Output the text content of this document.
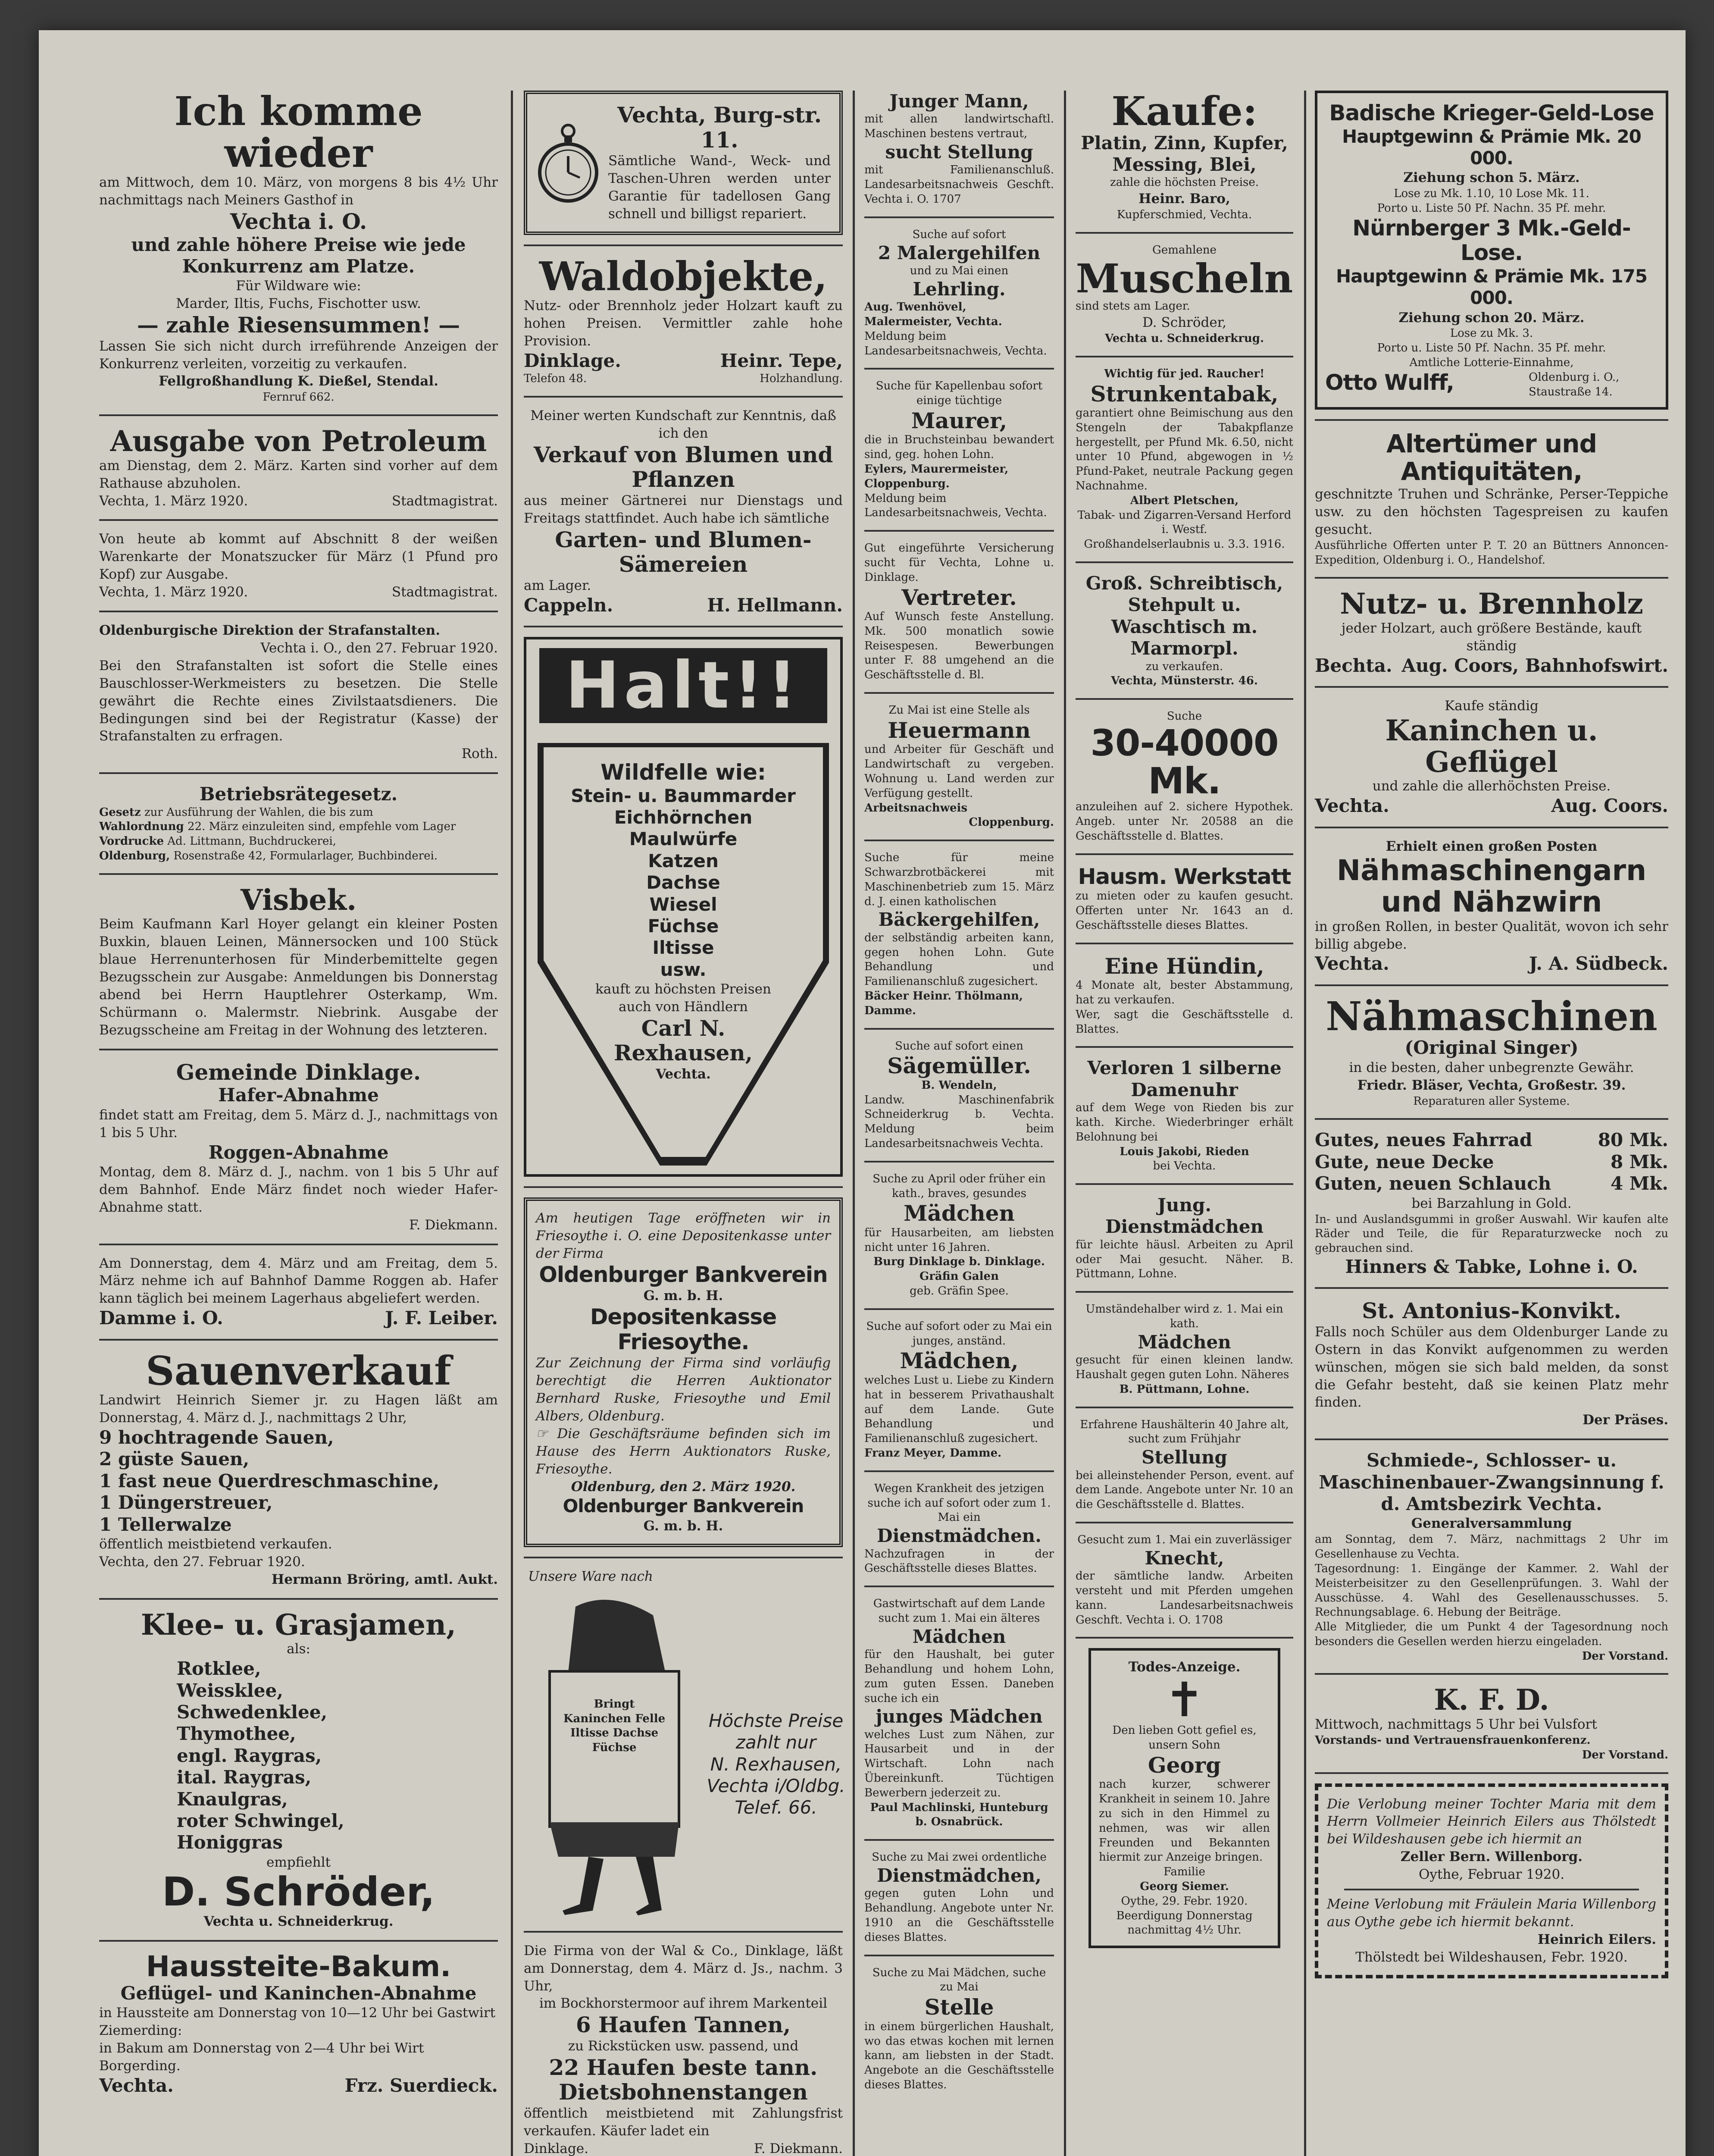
Ich komme wieder
am Mittwoch, dem 10. März, von morgens 8 bis 4½ Uhr nachmittags nach Meiners Gasthof in
Vechta i. O.
und zahle höhere Preise wie jede Konkurrenz am Platze.
Für Wildware wie:
Marder, Iltis, Fuchs, Fischotter usw.
— zahle Riesensummen! —
Lassen Sie sich nicht durch irreführende Anzeigen der Konkurrenz verleiten, vorzeitig zu verkaufen.
Fellgroßhandlung K. Dießel, Stendal.
Fernruf 662.
Ausgabe von Petroleum
am Dienstag, dem 2. März. Karten sind vorher auf dem Rathause abzuholen.
Vechta, 1. März 1920.	Stadtmagistrat.
Von heute ab kommt auf Abschnitt 8 der weißen Warenkarte der Monatszucker für März (1 Pfund pro Kopf) zur Ausgabe.
Vechta, 1. März 1920.	Stadtmagistrat.
Oldenburgische Direktion der Strafanstalten.
Vechta i. O., den 27. Februar 1920.
Bei den Strafanstalten ist sofort die Stelle eines Bauschlosser-Werkmeisters zu besetzen. Die Stelle gewährt die Rechte eines Zivilstaatsdieners. Die Bedingungen sind bei der Registratur (Kasse) der Strafanstalten zu erfragen.
Roth.
Betriebsrätegesetz.
Gesetz zur Ausführung der Wahlen, die bis zum
Wahlordnung 22. März einzuleiten sind, empfehle vom Lager
Vordrucke Ad. Littmann, Buchdruckerei,
Oldenburg, Rosenstraße 42, Formularlager, Buchbinderei.
Visbek.
Beim Kaufmann Karl Hoyer gelangt ein kleiner Posten Buxkin, blauen Leinen, Männersocken und 100 Stück blaue Herrenunterhosen für Minderbemittelte gegen Bezugsschein zur Ausgabe: Anmeldungen bis Donnerstag abend bei Herrn Hauptlehrer Osterkamp, Wm. Schürmann o. Malermstr. Niebrink. Ausgabe der Bezugsscheine am Freitag in der Wohnung des letzteren.
Gemeinde Dinklage.
Hafer-Abnahme
findet statt am Freitag, dem 5. März d. J., nachmittags von 1 bis 5 Uhr.
Roggen-Abnahme
Montag, dem 8. März d. J., nachm. von 1 bis 5 Uhr auf dem Bahnhof. Ende März findet noch wieder Hafer-Abnahme statt.
F. Diekmann.
Am Donnerstag, dem 4. März und am Freitag, dem 5. März nehme ich auf Bahnhof Damme Roggen ab. Hafer kann täglich bei meinem Lagerhaus abgeliefert werden.
Damme i. O.	J. F. Leiber.
Sauenverkauf
Landwirt Heinrich Siemer jr. zu Hagen läßt am Donnerstag, 4. März d. J., nachmittags 2 Uhr,
9 hochtragende Sauen,
2 güste Sauen,
1 fast neue Querdreschmaschine,
1 Düngerstreuer,
1 Tellerwalze
öffentlich meistbietend verkaufen.
Vechta, den 27. Februar 1920.
Hermann Bröring, amtl. Aukt.
Klee- u. Grasjamen,
als:
Rotklee,
Weissklee,
Schwedenklee,
Thymothee,
engl. Raygras,
ital. Raygras,
Knaulgras,
roter Schwingel,
Honiggras
empfiehlt
D. Schröder,
Vechta u. Schneiderkrug.
Haussteite-Bakum.
Geflügel- und Kaninchen-Abnahme
in Haussteite am Donnerstag von 10—12 Uhr bei Gastwirt Ziemerding:
in Bakum am Donnerstag von 2—4 Uhr bei Wirt Borgerding.
Vechta.	Frz. Suerdieck.
Vechta, Burg-str. 11.
Sämtliche Wand-, Weck- und Taschen-Uhren werden unter Garantie für tadellosen Gang schnell und billigst repariert.
Waldobjekte,
Nutz- oder Brennholz jeder Holzart kauft zu hohen Preisen. Vermittler zahle hohe Provision.
Dinklage.	Heinr. Tepe,
Telefon 48.	Holzhandlung.
Meiner werten Kundschaft zur Kenntnis, daß ich den
Verkauf von Blumen und Pflanzen
aus meiner Gärtnerei nur Dienstags und Freitags stattfindet. Auch habe ich sämtliche
Garten- und Blumen-Sämereien
am Lager.
Cappeln.	H. Hellmann.
Halt!!
Wildfelle wie:
Stein- u. Baummarder
Eichhörnchen
Maulwürfe
Katzen
Dachse
Wiesel
Füchse
Iltisse
usw.
kauft zu höchsten Preisen auch von Händlern
Carl N.
Rexhausen,
Vechta.
Am heutigen Tage eröffneten wir in Friesoythe i. O. eine Depositenkasse unter der Firma
Oldenburger Bankverein
G. m. b. H.
Depositenkasse Friesoythe.
Zur Zeichnung der Firma sind vorläufig berechtigt die Herren Auktionator Bernhard Ruske, Friesoythe und Emil Albers, Oldenburg.
☞ Die Geschäftsräume befinden sich im Hause des Herrn Auktionators Ruske, Friesoythe.
Oldenburg, den 2. März 1920.
Oldenburger Bankverein
G. m. b. H.
Unsere Ware nach
Bringt Kaninchen Felle Iltisse Dachse Füchse
Höchste Preise
zahlt nur
N. Rexhausen,
Vechta i/Oldbg.
Telef. 66.
Die Firma von der Wal & Co., Dinklage, läßt am Donnerstag, dem 4. März d. Js., nachm. 3 Uhr,
im Bockhorstermoor auf ihrem Markenteil
6 Haufen Tannen,
zu Rickstücken usw. passend, und
22 Haufen beste tann. Dietsbohnenstangen
öffentlich meistbietend mit Zahlungsfrist verkaufen. Käufer ladet ein
Dinklage.	F. Diekmann.
Junger Mann,
mit allen landwirtschaftl. Maschinen bestens vertraut,
sucht Stellung
mit Familienanschluß. Landesarbeitsnachweis Geschft. Vechta i. O. 1707
Suche auf sofort
2 Malergehilfen
und zu Mai einen
Lehrling.
Aug. Twenhövel, Malermeister, Vechta.
Meldung beim Landesarbeitsnachweis, Vechta.
Suche für Kapellenbau sofort einige tüchtige
Maurer,
die in Bruchsteinbau bewandert sind, geg. hohen Lohn.
Eylers, Maurermeister, Cloppenburg.
Meldung beim Landesarbeitsnachweis, Vechta.
Gut eingeführte Versicherung sucht für Vechta, Lohne u. Dinklage.
Vertreter.
Auf Wunsch feste Anstellung. Mk. 500 monatlich sowie Reisespesen. Bewerbungen unter F. 88 umgehend an die Geschäftsstelle d. Bl.
Zu Mai ist eine Stelle als
Heuermann
und Arbeiter für Geschäft und Landwirtschaft zu vergeben. Wohnung u. Land werden zur Verfügung gestellt.
Arbeitsnachweis
Cloppenburg.
Suche für meine Schwarzbrotbäckerei mit Maschinenbetrieb zum 15. März d. J. einen katholischen
Bäckergehilfen,
der selbständig arbeiten kann, gegen hohen Lohn. Gute Behandlung und Familienanschluß zugesichert.
Bäcker Heinr. Thölmann, Damme.
Suche auf sofort einen
Sägemüller.
B. Wendeln,
Landw. Maschinenfabrik Schneiderkrug b. Vechta. Meldung beim Landesarbeitsnachweis Vechta.
Suche zu April oder früher ein kath., braves, gesundes
Mädchen
für Hausarbeiten, am liebsten nicht unter 16 Jahren.
Burg Dinklage b. Dinklage. Gräfin Galen
geb. Gräfin Spee.
Suche auf sofort oder zu Mai ein junges, anständ.
Mädchen,
welches Lust u. Liebe zu Kindern hat in besserem Privathaushalt auf dem Lande. Gute Behandlung und Familienanschluß zugesichert.
Franz Meyer, Damme.
Wegen Krankheit des jetzigen suche ich auf sofort oder zum 1. Mai ein
Dienstmädchen.
Nachzufragen in der Geschäftsstelle dieses Blattes.
Gastwirtschaft auf dem Lande sucht zum 1. Mai ein älteres
Mädchen
für den Haushalt, bei guter Behandlung und hohem Lohn, zum guten Essen. Daneben suche ich ein
junges Mädchen
welches Lust zum Nähen, zur Hausarbeit und in der Wirtschaft. Lohn nach Übereinkunft. Tüchtigen Bewerbern jederzeit zu.
Paul Machlinski, Hunteburg b. Osnabrück.
Suche zu Mai zwei ordentliche
Dienstmädchen,
gegen guten Lohn und Behandlung. Angebote unter Nr. 1910 an die Geschäftsstelle dieses Blattes.
Suche zu Mai Mädchen, suche zu Mai
Stelle
in einem bürgerlichen Haushalt, wo das etwas kochen mit lernen kann, am liebsten in der Stadt. Angebote an die Geschäftsstelle dieses Blattes.
Kaufe:
Platin, Zinn, Kupfer, Messing, Blei,
zahle die höchsten Preise.
Heinr. Baro,
Kupferschmied, Vechta.
Gemahlene
Muscheln
sind stets am Lager.
D. Schröder,
Vechta u. Schneiderkrug.
Wichtig für jed. Raucher!
Strunkentabak,
garantiert ohne Beimischung aus den Stengeln der Tabakpflanze hergestellt, per Pfund Mk. 6.50, nicht unter 10 Pfund, abgewogen in ½ Pfund-Paket, neutrale Packung gegen Nachnahme.
Albert Pletschen,
Tabak- und Zigarren-Versand Herford i. Westf.
Großhandelserlaubnis u. 3.3. 1916.
Groß. Schreibtisch, Stehpult u. Waschtisch m. Marmorpl.
zu verkaufen.
Vechta, Münsterstr. 46.
Suche
30-40000 Mk.
anzuleihen auf 2. sichere Hypothek. Angeb. unter Nr. 20588 an die Geschäftsstelle d. Blattes.
Hausm. Werkstatt
zu mieten oder zu kaufen gesucht. Offerten unter Nr. 1643 an d. Geschäftsstelle dieses Blattes.
Eine Hündin,
4 Monate alt, bester Abstammung, hat zu verkaufen.
Wer, sagt die Geschäftsstelle d. Blattes.
Verloren 1 silberne Damenuhr
auf dem Wege von Rieden bis zur kath. Kirche. Wiederbringer erhält Belohnung bei
Louis Jakobi, Rieden
bei Vechta.
Jung. Dienstmädchen
für leichte häusl. Arbeiten zu April oder Mai gesucht. Näher. B. Püttmann, Lohne.
Umständehalber wird z. 1. Mai ein kath.
Mädchen
gesucht für einen kleinen landw. Haushalt gegen guten Lohn. Näheres
B. Püttmann, Lohne.
Erfahrene Haushälterin 40 Jahre alt, sucht zum Frühjahr
Stellung
bei alleinstehender Person, event. auf dem Lande. Angebote unter Nr. 10 an die Geschäftsstelle d. Blattes.
Gesucht zum 1. Mai ein zuverlässiger
Knecht,
der sämtliche landw. Arbeiten versteht und mit Pferden umgehen kann. Landesarbeitsnachweis Geschft. Vechta i. O. 1708
Todes-Anzeige.
✝
Den lieben Gott gefiel es, unsern Sohn
Georg
nach kurzer, schwerer Krankheit in seinem 10. Jahre zu sich in den Himmel zu nehmen, was wir allen Freunden und Bekannten hiermit zur Anzeige bringen.
Familie
Georg Siemer.
Oythe, 29. Febr. 1920.
Beerdigung Donnerstag nachmittag 4½ Uhr.
Badische Krieger-Geld-Lose
Hauptgewinn & Prämie Mk. 20 000.
Ziehung schon 5. März.
Lose zu Mk. 1.10, 10 Lose Mk. 11.
Porto u. Liste 50 Pf. Nachn. 35 Pf. mehr.
Nürnberger 3 Mk.-Geld-Lose.
Hauptgewinn & Prämie Mk. 175 000.
Ziehung schon 20. März.
Lose zu Mk. 3.
Porto u. Liste 50 Pf. Nachn. 35 Pf. mehr.
Amtliche Lotterie-Einnahme,
Otto Wulff,	Oldenburg i. O., Staustraße 14.
Altertümer und Antiquitäten,
geschnitzte Truhen und Schränke, Perser-Teppiche usw. zu den höchsten Tagespreisen zu kaufen gesucht.
Ausführliche Offerten unter P. T. 20 an Büttners Annoncen-Expedition, Oldenburg i. O., Handelshof.
Nutz- u. Brennholz
jeder Holzart, auch größere Bestände, kauft ständig
Bechta. Aug. Coors, Bahnhofswirt.
Kaufe ständig
Kaninchen u. Geflügel
und zahle die allerhöchsten Preise.
Vechta.	Aug. Coors.
Erhielt einen großen Posten
Nähmaschinengarn und Nähzwirn
in großen Rollen, in bester Qualität, wovon ich sehr billig abgebe.
Vechta.	J. A. Südbeck.
Nähmaschinen
(Original Singer)
in die besten, daher unbegrenzte Gewähr.
Friedr. Bläser, Vechta, Großestr. 39.
Reparaturen aller Systeme.
Gutes, neues Fahrrad	80 Mk.
Gute, neue Decke	8 Mk.
Guten, neuen Schlauch	4 Mk.
bei Barzahlung in Gold.
In- und Auslandsgummi in großer Auswahl. Wir kaufen alte Räder und Teile, die für Reparaturzwecke noch zu gebrauchen sind.
Hinners & Tabke, Lohne i. O.
St. Antonius-Konvikt.
Falls noch Schüler aus dem Oldenburger Lande zu Ostern in das Konvikt aufgenommen zu werden wünschen, mögen sie sich bald melden, da sonst die Gefahr besteht, daß sie keinen Platz mehr finden.
Der Präses.
Schmiede-, Schlosser- u. Maschinenbauer-Zwangsinnung f. d. Amtsbezirk Vechta.
Generalversammlung
am Sonntag, dem 7. März, nachmittags 2 Uhr im Gesellenhause zu Vechta.
Tagesordnung: 1. Eingänge der Kammer. 2. Wahl der Meisterbeisitzer zu den Gesellenprüfungen. 3. Wahl der Ausschüsse. 4. Wahl des Gesellenausschusses. 5. Rechnungsablage. 6. Hebung der Beiträge.
Alle Mitglieder, die um Punkt 4 der Tagesordnung noch besonders die Gesellen werden hierzu eingeladen.
Der Vorstand.
K. F. D.
Mittwoch, nachmittags 5 Uhr bei Vulsfort
Vorstands- und Vertrauensfrauenkonferenz.
Der Vorstand.
Die Verlobung meiner Tochter Maria mit dem Herrn Vollmeier Heinrich Eilers aus Thölstedt bei Wildeshausen gebe ich hiermit an
Zeller Bern. Willenborg.
Oythe, Februar 1920.
Meine Verlobung mit Fräulein Maria Willenborg aus Oythe gebe ich hiermit bekannt.
Heinrich Eilers.
Thölstedt bei Wildeshausen, Febr. 1920.
